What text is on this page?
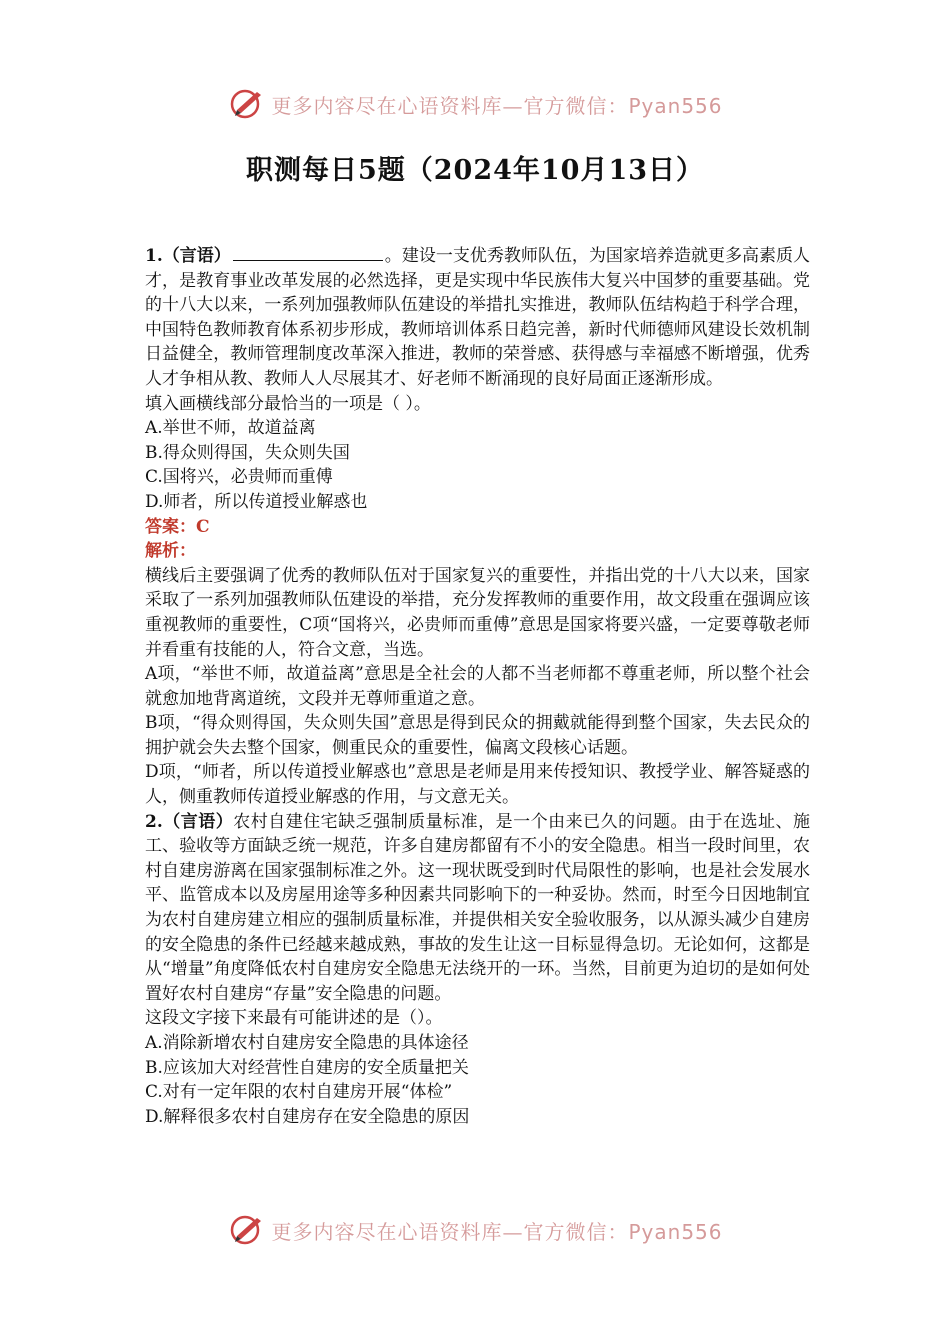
更多内容尽在心语资料库—官方微信：Pyan556
职测每日5题（2024年10月13日）

1.（言语）	。建设一支优秀教师队伍，为国家培养造就更多高素质人才，是教育事业改革发展的必然选择，更是实现中华民族伟大复兴中国梦的重要基础。党的十八大以来，一系列加强教师队伍建设的举措扎实推进，教师队伍结构趋于科学合理，中国特色教师教育体系初步形成，教师培训体系日趋完善，新时代师德师风建设长效机制日益健全，教师管理制度改革深入推进，教师的荣誉感、获得感与幸福感不断增强，优秀人才争相从教、教师人人尽展其才、好老师不断涌现的良好局面正逐渐形成。

填入画横线部分最恰当的一项是（ ）。

A.举世不师，故道益离

B.得众则得国，失众则失国

C.国将兴，必贵师而重傅

D.师者，所以传道授业解惑也

答案：C

解析：

横线后主要强调了优秀的教师队伍对于国家复兴的重要性，并指出党的十八大以来，国家采取了一系列加强教师队伍建设的举措，充分发挥教师的重要作用，故文段重在强调应该重视教师的重要性，C项“国将兴，必贵师而重傅”意思是国家将要兴盛，一定要尊敬老师并看重有技能的人，符合文意，当选。

A项，“举世不师，故道益离”意思是全社会的人都不当老师都不尊重老师，所以整个社会就愈加地背离道统，文段并无尊师重道之意。

B项，“得众则得国，失众则失国”意思是得到民众的拥戴就能得到整个国家，失去民众的拥护就会失去整个国家，侧重民众的重要性，偏离文段核心话题。

D项，“师者，所以传道授业解惑也”意思是老师是用来传授知识、教授学业、解答疑惑的人，侧重教师传道授业解惑的作用，与文意无关。

2.（言语）农村自建住宅缺乏强制质量标准，是一个由来已久的问题。由于在选址、施工、验收等方面缺乏统一规范，许多自建房都留有不小的安全隐患。相当一段时间里，农村自建房游离在国家强制标准之外。这一现状既受到时代局限性的影响，也是社会发展水平、监管成本以及房屋用途等多种因素共同影响下的一种妥协。然而，时至今日因地制宜为农村自建房建立相应的强制质量标准，并提供相关安全验收服务，以从源头减少自建房的安全隐患的条件已经越来越成熟，事故的发生让这一目标显得急切。无论如何，这都是从“增量”角度降低农村自建房安全隐患无法绕开的一环。当然，目前更为迫切的是如何处置好农村自建房“存量”安全隐患的问题。

这段文字接下来最有可能讲述的是（）。

A.消除新增农村自建房安全隐患的具体途径

B.应该加大对经营性自建房的安全质量把关

C.对有一定年限的农村自建房开展“体检”

D.解释很多农村自建房存在安全隐患的原因

更多内容尽在心语资料库—官方微信：Pyan556
